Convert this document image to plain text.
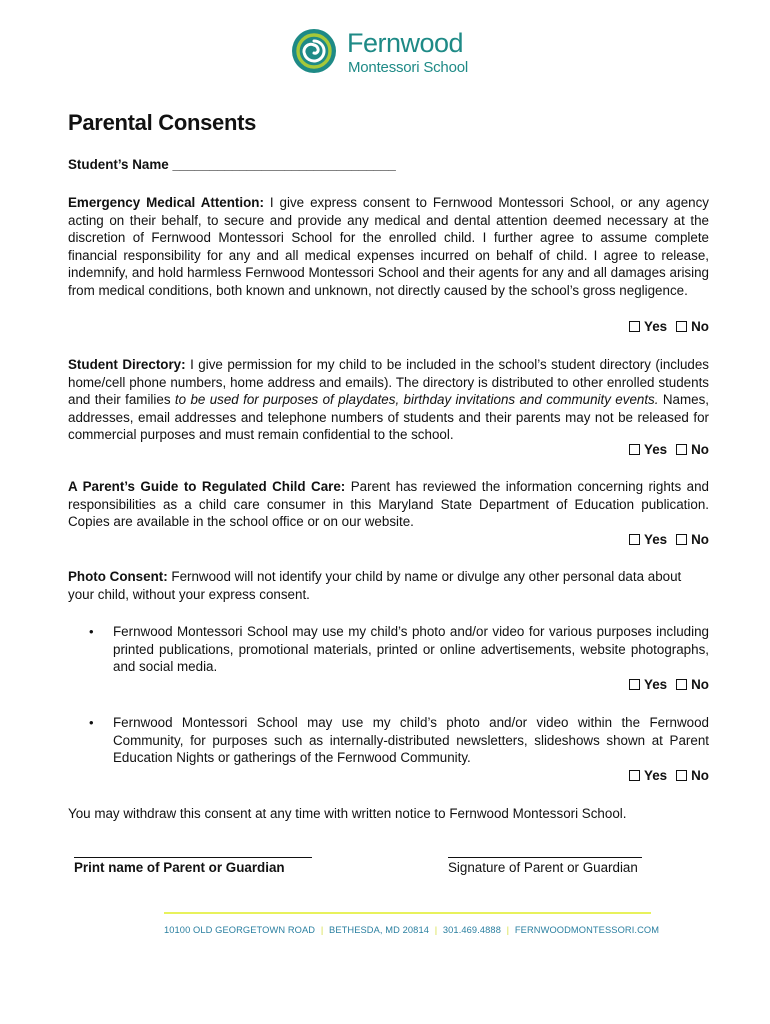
Fernwood
Montessori School
Parental Consents

Student’s Name ______________________________

Emergency Medical Attention: I give express consent to Fernwood Montessori School, or any agency acting on their behalf, to secure and provide any medical and dental attention deemed necessary at the discretion of Fernwood Montessori School for the enrolled child. I further agree to assume complete financial responsibility for any and all medical expenses incurred on behalf of child. I agree to release, indemnify, and hold harmless Fernwood Montessori School and their agents for any and all damages arising from medical conditions, both known and unknown, not directly caused by the school’s gross negligence.

Yes No

Student Directory: I give permission for my child to be included in the school’s student directory (includes home/cell phone numbers, home address and emails). The directory is distributed to other enrolled students and their families to be used for purposes of playdates, birthday invitations and community events. Names, addresses, email addresses and telephone numbers of students and their parents may not be released for commercial purposes and must remain confidential to the school.

Yes No

A Parent’s Guide to Regulated Child Care: Parent has reviewed the information concerning rights and responsibilities as a child care consumer in this Maryland State Department of Education publication. Copies are available in the school office or on our website.

Yes No

Photo Consent: Fernwood will not identify your child by name or divulge any other personal data about your child, without your express consent.

• Fernwood Montessori School may use my child’s photo and/or video for various purposes including printed publications, promotional materials, printed or online advertisements, website photographs, and social media.

Yes No
• Fernwood Montessori School may use my child’s photo and/or video within the Fernwood Community, for purposes such as internally-distributed newsletters, slideshows shown at Parent Education Nights or gatherings of the Fernwood Community.

Yes No

You may withdraw this consent at any time with written notice to Fernwood Montessori School.

Print name of Parent or Guardian	Signature of Parent or Guardian
10100 OLD GEORGETOWN ROAD | BETHESDA, MD 20814 | 301.469.4888 | FERNWOODMONTESSORI.COM
